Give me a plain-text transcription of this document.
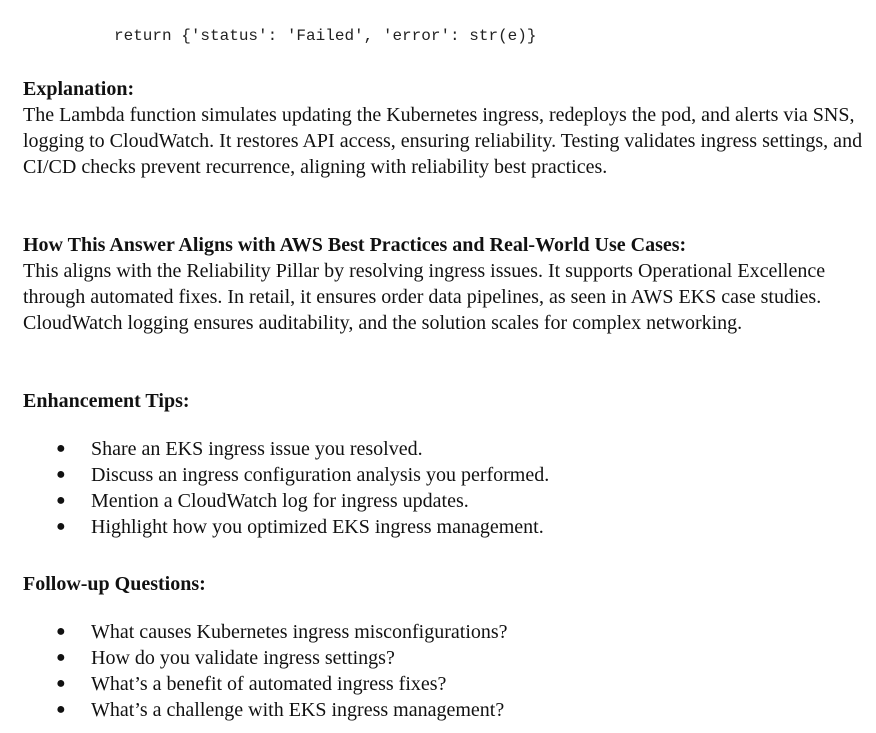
return {'status': 'Failed', 'error': str(e)}

Explanation:

The Lambda function simulates updating the Kubernetes ingress, redeploys the pod, and alerts via SNS, logging to CloudWatch. It restores API access, ensuring reliability. Testing validates ingress settings, and CI/CD checks prevent recurrence, aligning with reliability best practices.

How This Answer Aligns with AWS Best Practices and Real-World Use Cases:

This aligns with the Reliability Pillar by resolving ingress issues. It supports Operational Excellence through automated fixes. In retail, it ensures order data pipelines, as seen in AWS EKS case studies. CloudWatch logging ensures auditability, and the solution scales for complex networking.

Enhancement Tips:

● Share an EKS ingress issue you resolved.
● Discuss an ingress configuration analysis you performed.
● Mention a CloudWatch log for ingress updates.
● Highlight how you optimized EKS ingress management.

Follow-up Questions:

● What causes Kubernetes ingress misconfigurations?
● How do you validate ingress settings?
● What’s a benefit of automated ingress fixes?
● What’s a challenge with EKS ingress management?
